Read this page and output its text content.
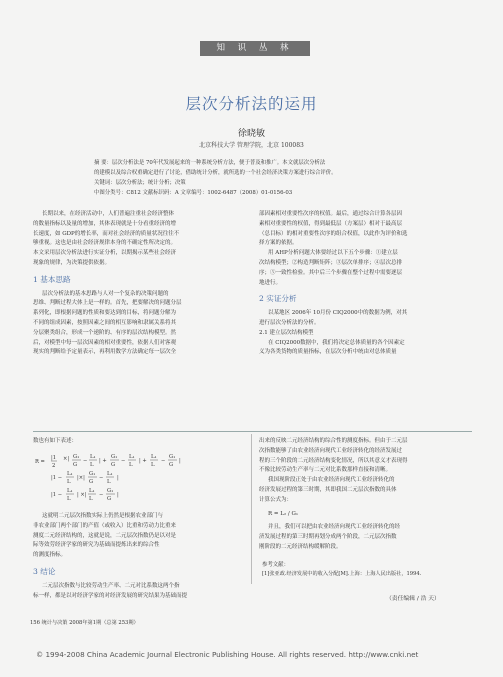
知 识 丛 林
层次分析法的运用
徐晓敏
北京科技大学 管理学院，北京 100083
摘 要：层次分析法是 70年代发展起来的一种系统分析方法，便于普及和推广。本文就层次分析法
的建模以及综合权重确定进行了讨论，借助统计分析，就所选的一个社会经济决策方案进行综合评价。
关键词：层次分析法；统计分析；决策
中图分类号：C812 文献标识码：A 文章编号：1002-6487（2008）01-0156-03

长期以来，在经济活动中，人们普遍注重社会经济整体

的数量指标以及量的增加，其体表现就是十分看重经济的增

长速度，如 GDP的增长率，而对社会经济的质量状况往往不

够重视。这也是由社会经济规律本身的不确定性所决定的。

本文采用层次分析法进行实证分析，以期揭示某些社会经济

现象的规律，为决策提供依据。

1 基本思路

层次分析法的基本思路与人对一个复杂的决策问题的

思维、判断过程大体上是一样的。首先，把要解决的问题分层

系列化，即根据问题的性质和要达到的目标，将问题分解为

不同的组成因素，按照因素之间的相互影响和隶属关系将其

分层聚类组合，形成一个递阶的、有序的层次结构模型。然

后，对模型中每一层次因素的相对重要性，依据人们对客观

现实的判断给予定量表示，再利用数学方法确定每一层次全

部因素相对重要性次序的权值。最后，通过综合计算各层因

素相对重要性的权值，得到最低层（方案层）相对于最高层

（总目标）的相对重要性次序的组合权值，以此作为评价和选

择方案的依据。

用 AHP分析问题大体要经过以下五个步骤：①建立层

次结构模型；②构造判断矩阵；③层次单排序；④层次总排

序；⑤一致性检验。其中后三个步骤在整个过程中需要逐层

地进行。

2 实证分析

以某地区 2006年 10月份 CIQ2000中的数据为例，对其

进行层次分析法的分析。

2.1 建立层次结构模型

在 CIQ2000数据中，我们将决定总体质量的各个因素定

义为各类货物的质量指标，在层次分析中统由对总体质量

数也有如下表述：

R =
|1
2
×| G₁
G
−
L₁
L
| +
G₁
G
−
L₁
L
| +
L₁
L
−
G₁
G
|
|1 −
L₁
L
|×|
G₁
G
−
L₁
L
|
|1 −
L₁
L
| ×|
L₁
L
−
G₁
G
|

这就明二元层次指数实际上仍然是根据农业部门与

非农业部门两个部门的产值（或收入）比重和劳动力比重来

测度二元经济结构的，这就是说，二元层次指数仍是以对是

际等效劳经济学家的研究为基础而提炼出来的综合性

的测度指标。

3 结论

二元层次指数与比较劳动生产率、二元对比系数这两个指

标一样，都是以对经济学家的对经济发展的研究结果为基础而提

出来的反映二元经济结构的综合性的测度指标。但由于二元层

次指数能够了由农业经济向现代工业经济转化的经济发展过

程的三个阶段的二元经济结构变化情况，所以其意义才表现得

不像比较劳动生产率与二元对比系数那样直接和清晰。

我国现阶段正处于由农业经济向现代工业经济转化的

经济发展过程的第三时期，其即我国二元层次指数的具体

计算公式为：

R = L₂ / G₁

并且，我们可以把由农业经济向现代工业经济转化的经

济发展过程的第三时期再划分成两个阶段，二元层次指数

刚阶段的二元经济结构缓解阶段。

参考文献：
[1]张亚政.经济发展中的收入分配[M].上海：上海人民出版社，1994.
（责任编辑 / 浩 天）
156 统计与决策 2008年第1期（总第 253期）
© 1994-2008 China Academic Journal Electronic Publishing House. All rights reserved. http://www.cnki.net
